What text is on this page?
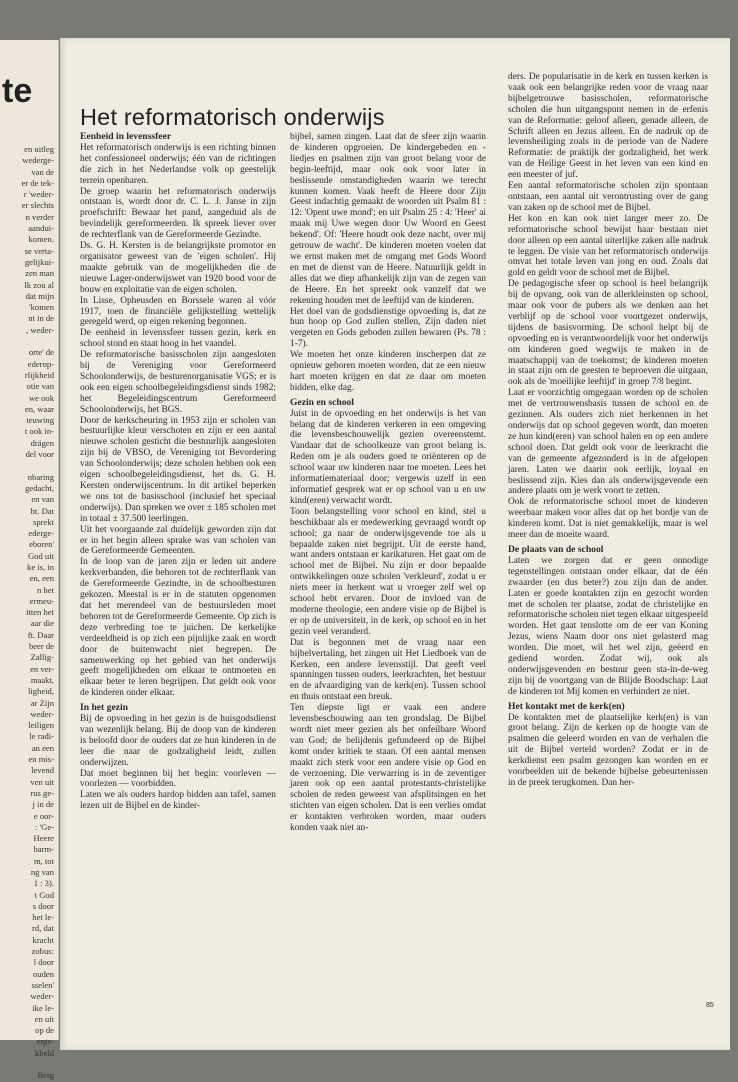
te
en uitleg
wederge-
van de
er de tek-
r 'weder-
er slechts
n verder
aandui-
komen.
se verta-
gelijkui-
zen man
lk zou al
dat mijn
'komen
nt in de
, weder-
orte' de
ederop-
rlijkheid
otie van
we ook
en, waar
teuwing
t ook in-
drägen
del voor
nbaring
gedacht,
en van
ht. Dat
sprekt
ederge-
eboren'
God uit
ke is, in
en, een
n het
ermeu-
itten het
aar die
ft. Daar
beer de
Zallig-
en ver-
maakt,
ligheid,
ar Zijn
weder-
leiligen
le radi-
an een
en mis-
levend
ven uit
rus ge-
j in de
e oor-
: 'Ge-
Heere
barm-
m, tot
ng van
1 : 3).
t God
s door
het le-
rd, dat
kracht
zobus:
l door
ouden
sselen'
weder-
ike le-
en uit
op de
erge-
kheld
Berg
Het reformatorisch onderwijs
Eenheid in levenssfeer

Het reformatorisch onderwijs is een richting binnen het confessioneel onderwijs; één van de richtingen die zich in het Nederlandse volk op geestelijk terrein openbaren.

De groep waarin het reformatorisch onderwijs ontstaan is, wordt door dr. C. L. J. Janse in zijn proefschrift: Bewaar het pand, aangeduid als de bevindelijk gereformeerden. Ik spreek liever over de rechterflank van de Gereformeerde Gezindte.

Ds. G. H. Kersten is de belangrijkste promotor en organisator geweest van de 'eigen scholen'. Hij maakte gebruik van de mogelijkheden die de nieuwe Lager-onderwijswet van 1920 bood voor de bouw en exploitatie van de eigen scholen.

In Lisse, Opheusden en Borssele waren al vóór 1917, toen de financiële gelijkstelling wettelijk geregeld werd, op eigen rekening begonnen.

De eenheid in levenssfeer tussen gezin, kerk en school stond en staat hoog in het vaandel.

De reformatorische basisscholen zijn aangesloten bij de Vereniging voor Gereformeerd Schoolonderwijs, de besturenorganisatie VGS; er is ook een eigen schoolbegeleidingsdienst sinds 1982: het Begeleidingscentrum Gereformeerd Schoolonderwijs, het BGS.

Door de kerkscheuring in 1953 zijn er scholen van bestuurlijke kleur verschoten en zijn er een aantal nieuwe scholen gesticht die bestuurlijk aangesloten zijn bij de VBSO, de Vereniging tot Bevordering van Schoolonderwijs; deze scholen hebben ook een eigen schoolbegeleidingsdienst, het ds. G. H. Kersten onderwijscentrum. In dit artikel beperken we ons tot de basisschool (inclusief het speciaal onderwijs). Dan spreken we over ± 185 scholen met in totaal ± 37.500 leerlingen.

Uit het voorgaande zal duidelijk geworden zijn dat er in het begin alleen sprake was van scholen van de Gereformeerde Gemeenten.

In de loop van de jaren zijn er leden uit andere kerkverbanden, die behoren tot de rechterflank van de Gereformeerde Gezindte, in de schoolbesturen gekozen. Meestal is er in de statuten opgenomen dat het merendeel van de bestuursleden moet behoren tot de Gereformeerde Gemeente. Op zich is deze verbreding toe te juichen. De kerkelijke verdeeldheid is op zich een pijnlijke zaak en wordt door de buitenwacht niet begrepen. De samenwerking op het gebied van het onderwijs geeft mogelijkheden om elkaar te ontmoeten en elkaar beter te leren begrijpen. Dat geldt ook voor de kinderen onder elkaar.

In het gezin

Bij de opvoeding in het gezin is de huisgodsdienst van wezenlijk belang. Bij de doop van de kinderen is beloofd door de ouders dat ze hun kinderen in de leer die naar de godzaligheid leidt, zullen onderwijzen.

Dat moet beginnen bij het begin: voorleven — voorlezen — voorbidden.

Laten we als ouders hardop bidden aan tafel, samen lezen uit de Bijbel en de kinder-

bijbel, samen zingen. Laat dat de sfeer zijn waarin de kinderen opgroeien. De kindergebeden en -liedjes en psalmen zijn van groot belang voor de begin-leeftijd, maar ook ook voor later in beslissende omstandigheden waarin we terecht kunnen komen. Vaak heeft de Heere door Zijn Geest indachtig gemaakt de woorden uit Psalm 81 : 12: 'Opent uwe mond'; en uit Psalm 25 : 4: 'Heer' ai maak mij Uwe wegen door Uw Woord en Geest bekend'. Of: 'Heere houdt ook deze nacht, over mij getrouw de wacht'. De kinderen moeten voelen dat we ernst maken met de omgang met Gods Woord en met de dienst van de Heere. Natuurlijk geldt in alles dat we diep afhankelijk zijn van de zegen van de Heere. En het spreekt ook vanzelf dat we rekening houden met de leeftijd van de kinderen.

Het doel van de godsdienstige opvoeding is, dat ze hun hoop op God zullen stellen, Zijn daden niet vergeten en Gods geboden zullen bewaren (Ps. 78 : 1-7).

We moeten het onze kinderen inscherpen dat ze opnieuw geboren moeten worden, dat ze een nieuw hart moeten krijgen en dat ze daar om moeten bidden, elke dag.

Gezin en school

Juist in de opvoeding en het onderwijs is het van belang dat de kinderen verkeren in een omgeving die levensbeschouwelijk gezien overeenstemt. Vandaar dat de schoolkeuze van groot belang is. Reden om je als ouders goed te oriënteren op de school waar uw kinderen naar toe moeten. Lees het informatiemateriaal door; vergewis uzelf in een informatief gesprek wat er op school van u en uw kind(eren) verwacht wordt.

Toon belangstelling voor school en kind, stel u beschikbaar als er medewerking gevraagd wordt op school; ga naar de onderwijsgevende toe als u bepaalde zaken niet begrijpt. Uit de eerste hand, want anders ontstaan er karikaturen. Het gaat om de school met de Bijbel. Nu zijn er door bepaalde ontwikkelingen onze scholen 'verkleurd', zodat u er niets meer in herkent wat u vroeger zelf wel op school hebt ervaren. Door de invloed van de moderne theologie, een andere visie op de Bijbel is er op de universiteit, in de kerk, op school en in het gezin veel veranderd.

Dat is begonnen met de vraag naar een bijbelvertaling, het zingen uit Het Liedboek van de Kerken, een andere levensstijl. Dat geeft veel spanningen tussen ouders, leerkrachten, het bestuur en de afvaardiging van de kerk(en). Tussen school en thuis ontstaat een breuk.

Ten diepste ligt er vaak een andere levensbeschouwing aan ten grondslag. De Bijbel wordt niet meer gezien als het onfeilbare Woord van God; de belijdenis gefundeerd op de Bijbel komt onder kritiek te staan. Of een aantal mensen maakt zich sterk voor een andere visie op God en de verzoening. Die verwarring is in de zeventiger jaren ook op een aantal protestants-christelijke scholen de reden geweest van afsplitsingen en het stichten van eigen scholen. Dat is een verlies omdat er kontakten verbroken worden, maar ouders konden vaak niet an-

ders. De popularisatie in de kerk en tussen kerken is vaak ook een belangrijke reden voor de vraag naar bijbelgetrouwe basisscholen, reformatorische scholen die hun uitgangspunt nemen in de erfenis van de Reformatie: geloof alleen, genade alleen, de Schrift alleen en Jezus alleen. En de nadruk op de levensheiliging zoals in de periode van de Nadere Reformatie: de praktijk der godzaligheid, het werk van de Heilige Geest in het leven van een kind en een meester of juf.

Een aantal reformatorische scholen zijn spontaan ontstaan, een aantal uit verontrusting over de gang van zaken op de school met de Bijbel.

Het kon en kan ook niet langer meer zo. De reformatorische school bewijst haar bestaan niet door alleen op een aantal uiterlijke zaken alle nadruk te leggen. De visie van het reformatorisch onderwijs omvat het totale leven van jong en oud. Zoals dat gold en geldt voor de school met de Bijbel.

De pedagogische sfeer op school is heel belangrijk bij de opvang, ook van de allerkleinsten op school, maar ook voor de pubers als we denken aan het verblijf op de school voor voortgezet onderwijs, tijdens de basisvorming. De school helpt bij de opvoeding en is verantwoordelijk voor het onderwijs om kinderen goed wegwijs te maken in de maatschappij van de toekomst; de kinderen moeten in staat zijn om de geesten te beproeven die uitgaan, ook als de 'moeilijke leeftijd' in groep 7/8 begint.

Laat er voorzichtig omgegaan worden op de scholen met de vertrouwensbasis tussen de school en de gezinnen. Als ouders zich niet herkennen in het onderwijs dat op school gegeven wordt, dan moeten ze hun kind(eren) van school halen en op een andere school doen. Dat geldt ook voor de leerkracht die van de gemeente afgezonderd is in de afgelopen jaren. Laten we daarin ook eerlijk, loyaal en beslissend zijn. Kies dan als onderwijsgevende een andere plaats om je werk voort te zetten.

Ook de reformatorische school moet de kinderen weerbaar maken voor alles dat op het bordje van de kinderen komt. Dat is niet gemakkelijk, maar is wel meer dan de moeite waard.

De plaats van de school

Laten we zorgen dat er geen onnodige tegenstellingen ontstaan onder elkaar, dat de één zwaarder (en dus beter?) zou zijn dan de ander. Laten er goede kontakten zijn en gezocht worden met de scholen ter plaatse, zodat de christelijke en reformatorische scholen niet tegen elkaar uitgespeeld worden. Het gaat tenslotte om de eer van Koning Jezus, wiens Naam door ons niet gelasterd mag worden. Die moet, wil het wel zijn, geëerd en gediend worden. Zodat wij, ook als onderwijsgevenden en bestuur geen sta-in-de-weg zijn bij de voortgang van de Blijde Boodschap: Laat de kinderen tot Mij komen en verhindert ze niet.

Het kontakt met de kerk(en)

De kontakten met de plaatselijke kerk(en) is van groot belang. Zijn de kerken op de hoogte van de psalmen die geleerd worden en van de verhalen die uit de Bijbel verteld worden? Zodat er in de kerkdienst een psalm gezongen kan worden en er voorbeelden uit de bekende bijbelse gebeurtenissen in de preek terugkomen. Dan her-

85
